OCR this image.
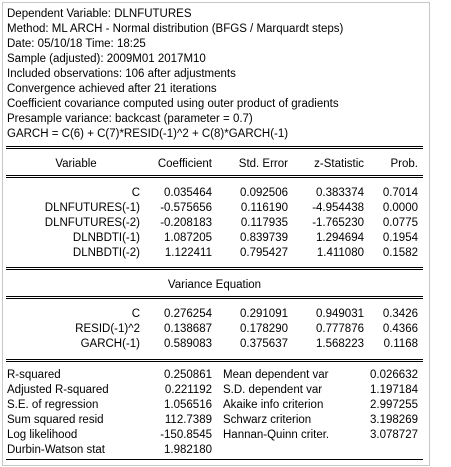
Dependent Variable: DLNFUTURES
Method: ML ARCH - Normal distribution (BFGS / Marquardt steps)
Date: 05/10/18 Time: 18:25
Sample (adjusted): 2009M01 2017M10
Included observations: 106 after adjustments
Convergence achieved after 21 iterations
Coefficient covariance computed using outer product of gradients
Presample variance: backcast (parameter = 0.7)
GARCH = C(6) + C(7)*RESID(-1)^2 + C(8)*GARCH(-1)
Variable	Coefficient	Std. Error	z-Statistic	Prob.
C	0.035464	0.092506	0.383374	0.7014
DLNFUTURES(-1)	-0.575656	0.116190	-4.954438	0.0000
DLNFUTURES(-2)	-0.208183	0.117935	-1.765230	0.0775
DLNBDTI(-1)	1.087205	0.839739	1.294694	0.1954
DLNBDTI(-2)	1.122411	0.795427	1.411080	0.1582
Variance Equation
C	0.276254	0.291091	0.949031	0.3426
RESID(-1)^2	0.138687	0.178290	0.777876	0.4366
GARCH(-1)	0.589083	0.375637	1.568223	0.1168
R-squared	0.250861 Mean dependent var	0.026632
Adjusted R-squared	0.221192 S.D. dependent var	1.197184
S.E. of regression	1.056516 Akaike info criterion	2.997255
Sum squared resid	112.7389 Schwarz criterion	3.198269
Log likelihood	-150.8545 Hannan-Quinn criter.	3.078727
Durbin-Watson stat	1.982180
